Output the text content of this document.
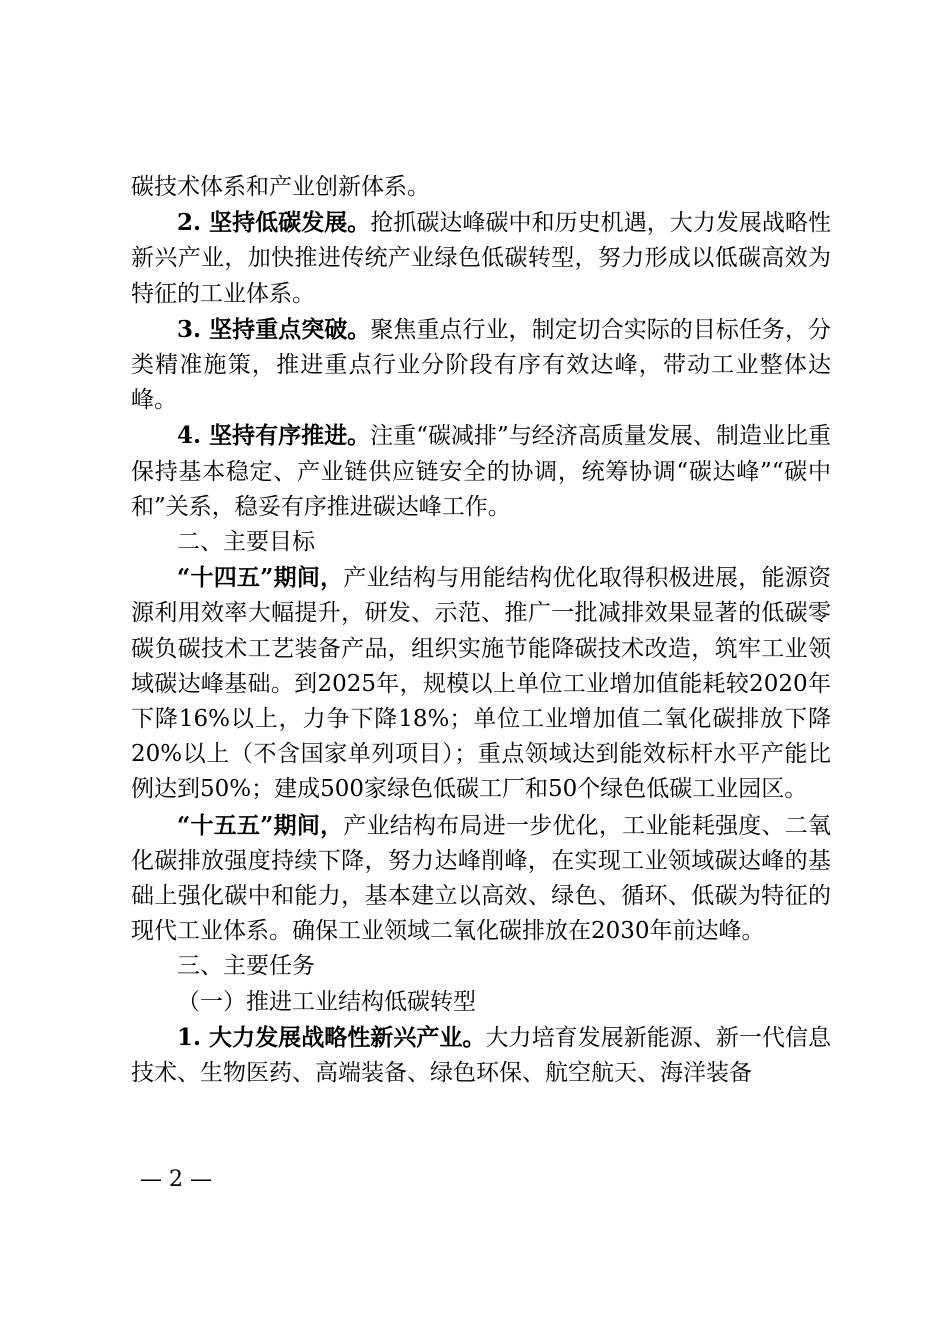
碳技术体系和产业创新体系。

2. 坚持低碳发展。抢抓碳达峰碳中和历史机遇，大力发展战略性新兴产业，加快推进传统产业绿色低碳转型，努力形成以低碳高效为特征的工业体系。

3. 坚持重点突破。聚焦重点行业，制定切合实际的目标任务，分类精准施策，推进重点行业分阶段有序有效达峰，带动工业整体达峰。

4. 坚持有序推进。注重“碳减排”与经济高质量发展、制造业比重保持基本稳定、产业链供应链安全的协调，统筹协调“碳达峰”“碳中和”关系，稳妥有序推进碳达峰工作。

二、主要目标

“十四五”期间，产业结构与用能结构优化取得积极进展，能源资源利用效率大幅提升，研发、示范、推广一批减排效果显著的低碳零碳负碳技术工艺装备产品，组织实施节能降碳技术改造，筑牢工业领域碳达峰基础。到2025年，规模以上单位工业增加值能耗较2020年下降16%以上，力争下降18%；单位工业增加值二氧化碳排放下降20%以上（不含国家单列项目）；重点领域达到能效标杆水平产能比例达到50%；建成500家绿色低碳工厂和50个绿色低碳工业园区。

“十五五”期间，产业结构布局进一步优化，工业能耗强度、二氧化碳排放强度持续下降，努力达峰削峰，在实现工业领域碳达峰的基础上强化碳中和能力，基本建立以高效、绿色、循环、低碳为特征的现代工业体系。确保工业领域二氧化碳排放在2030年前达峰。

三、主要任务

（一）推进工业结构低碳转型

1. 大力发展战略性新兴产业。大力培育发展新能源、新一代信息技术、生物医药、高端装备、绿色环保、航空航天、海洋装备

— 2 —
